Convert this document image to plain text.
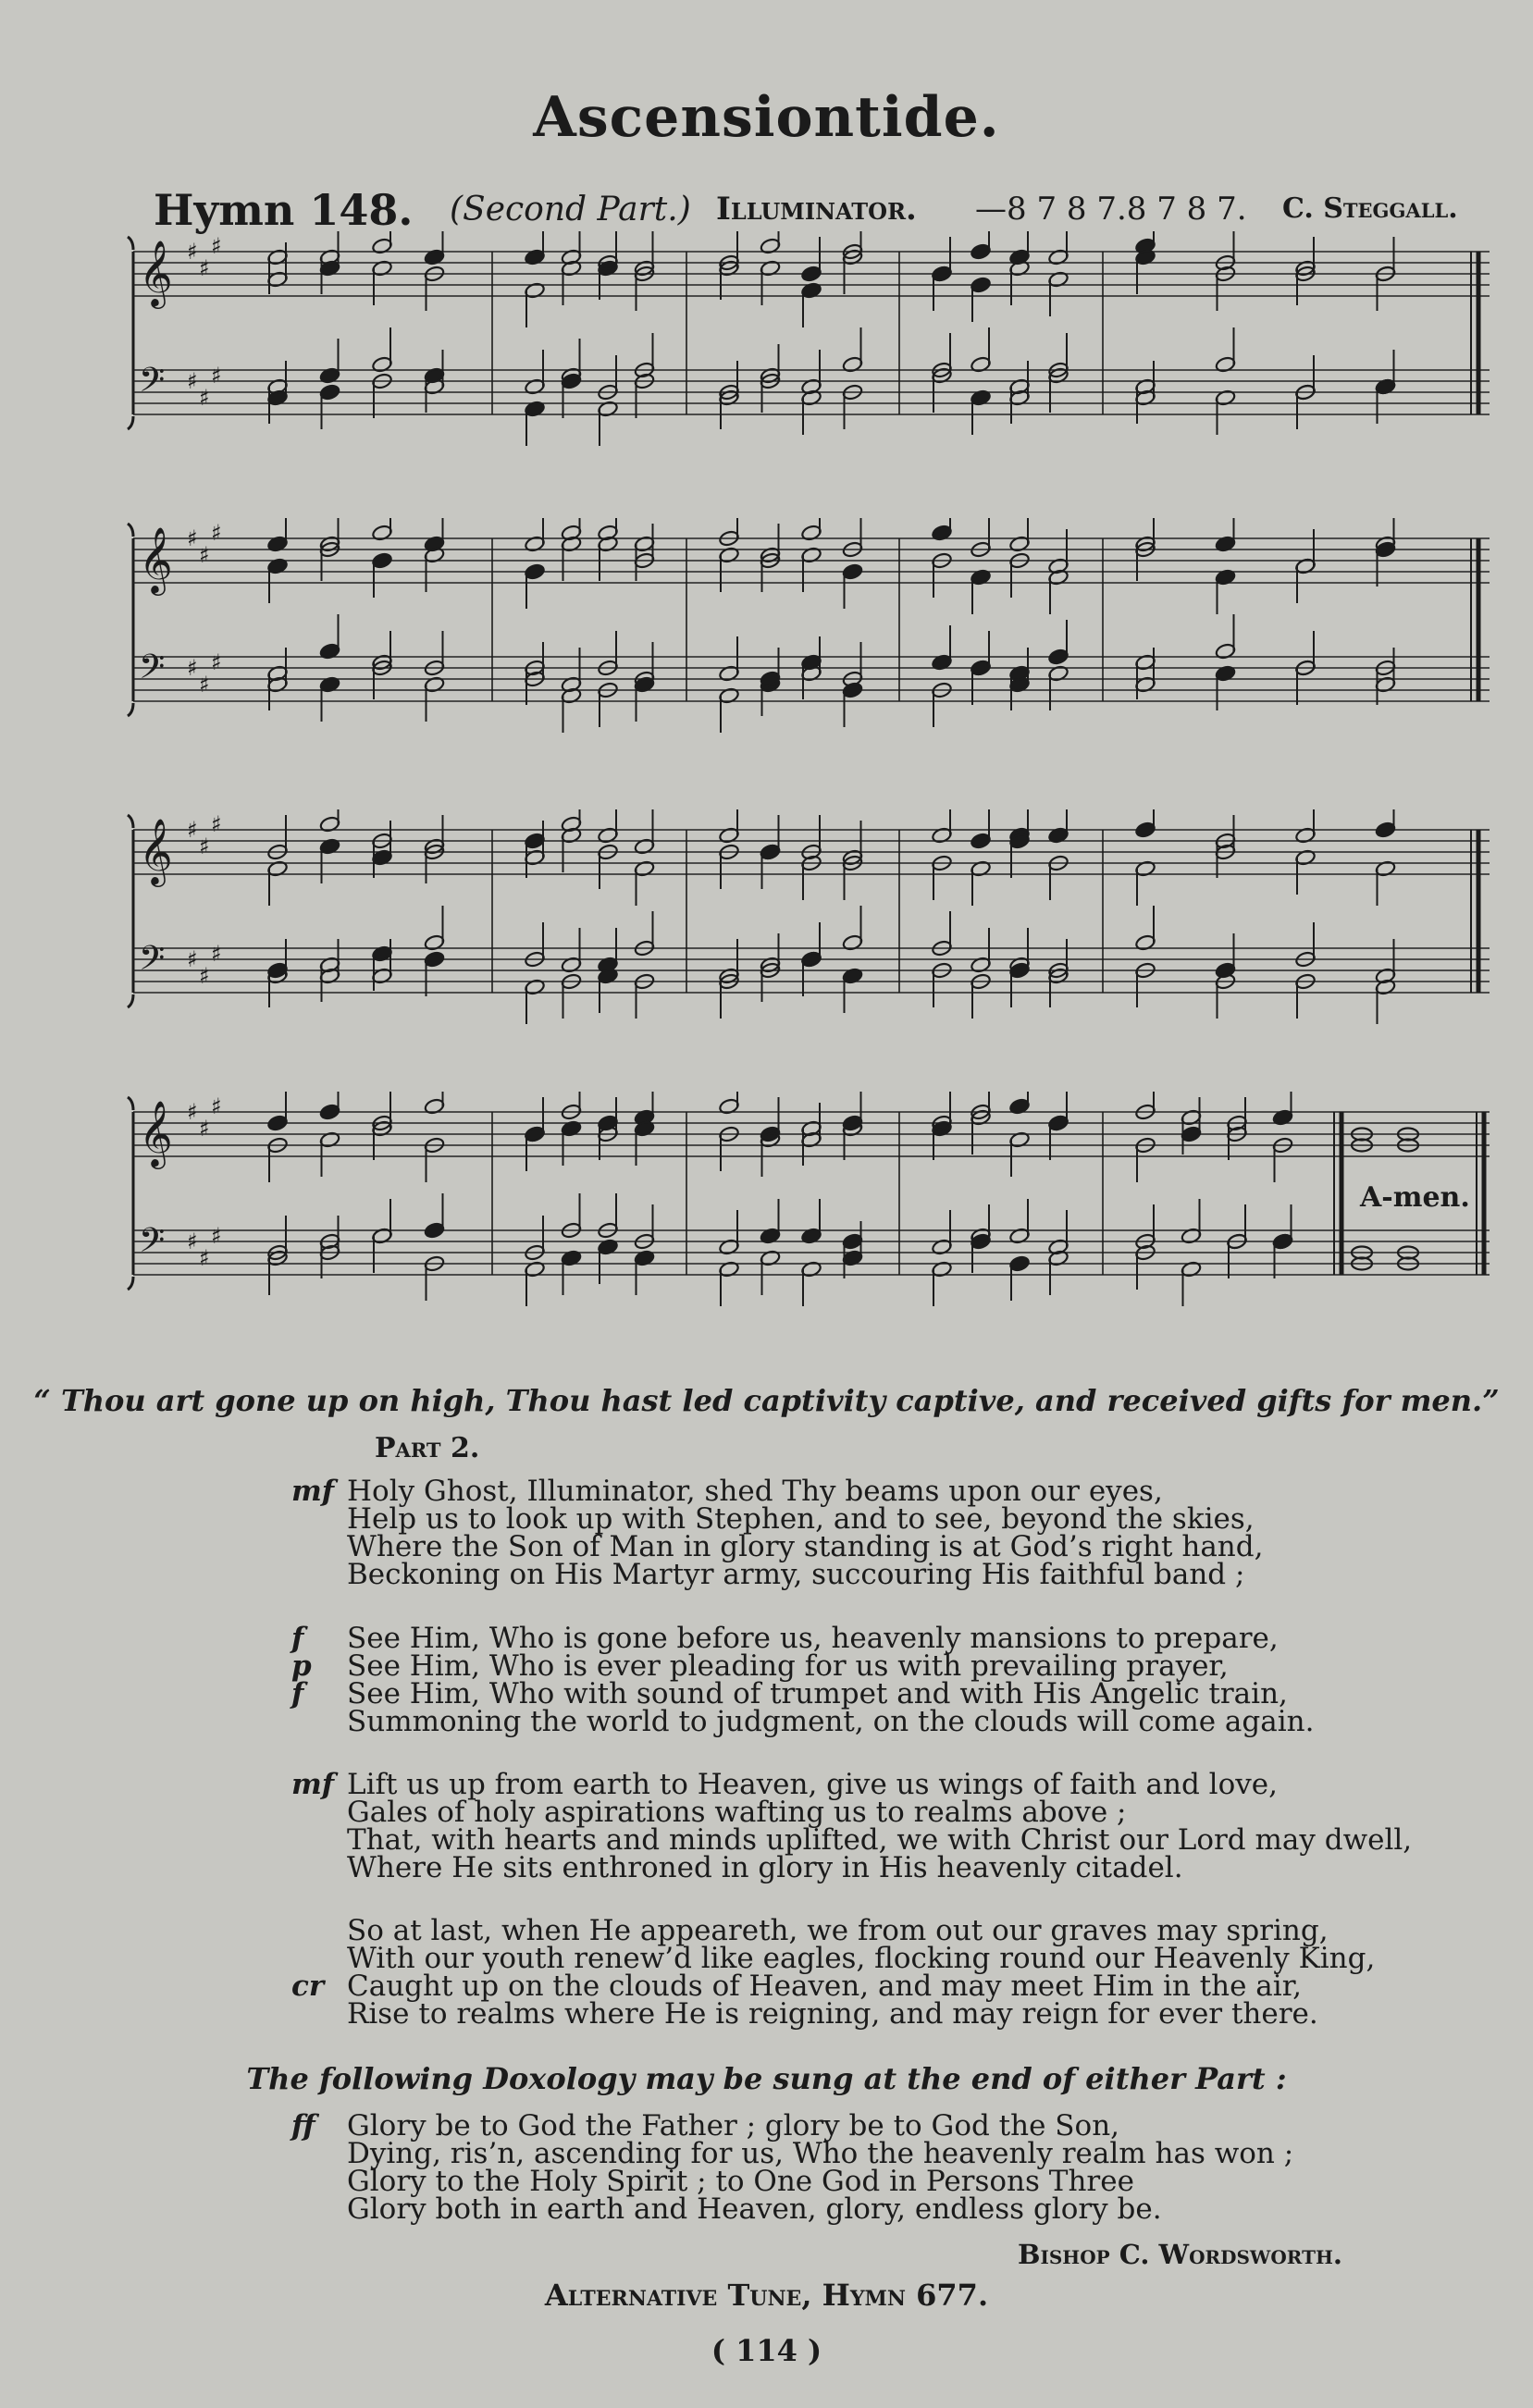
Ascensiontide.
Hymn 148. (Second Part.) Illuminator. —8 7 8 7.8 7 8 7. C. Steggall.
𝄞 ♯
♯
♯
𝄢 ♯
♯
♯
𝄞 ♯
♯
♯
𝄢 ♯
♯
♯
𝄞 ♯
♯
♯
𝄢 ♯
♯
♯
𝄞 ♯
♯
♯
𝄢 ♯
♯
♯
A-men.
“ Thou art gone up on high, Thou hast led captivity captive, and received gifts for men.”
Part 2.
mf Holy Ghost, Illuminator, shed Thy beams upon our eyes,
Help us to look up with Stephen, and to see, beyond the skies,
Where the Son of Man in glory standing is at God’s right hand,
Beckoning on His Martyr army, succouring His faithful band ;
f	See Him, Who is gone before us, heavenly mansions to prepare,
p	See Him, Who is ever pleading for us with prevailing prayer,
f	See Him, Who with sound of trumpet and with His Angelic train,
Summoning the world to judgment, on the clouds will come again.
mf Lift us up from earth to Heaven, give us wings of faith and love,
Gales of holy aspirations wafting us to realms above ;
That, with hearts and minds uplifted, we with Christ our Lord may dwell,
Where He sits enthroned in glory in His heavenly citadel.
So at last, when He appeareth, we from out our graves may spring,
With our youth renew’d like eagles, flocking round our Heavenly King,
cr Caught up on the clouds of Heaven, and may meet Him in the air,
Rise to realms where He is reigning, and may reign for ever there.
The following Doxology may be sung at the end of either Part :
ff	Glory be to God the Father ; glory be to God the Son,
Dying, ris’n, ascending for us, Who the heavenly realm has won ;
Glory to the Holy Spirit ; to One God in Persons Three
Glory both in earth and Heaven, glory, endless glory be.
Bishop C. Wordsworth.
Alternative Tune, Hymn 677.
( 114 )
